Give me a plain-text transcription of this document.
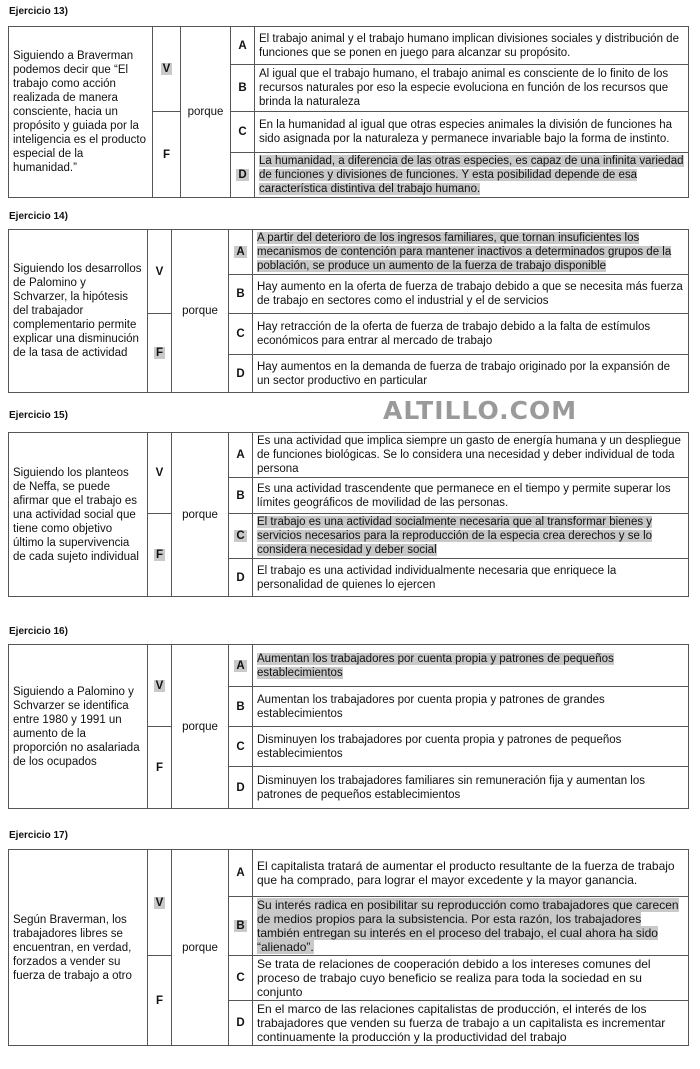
Ejercicio 13)
Siguiendo a Braverman podemos decir que “El trabajo como acción realizada de manera consciente, hacia un propósito y guiada por la inteligencia es el producto especial de la humanidad.”	V	porque	A	El trabajo animal y el trabajo humano implican divisiones sociales y distribución de funciones que se ponen en juego para alcanzar su propósito.
			B	Al igual que el trabajo humano, el trabajo animal es consciente de lo finito de los recursos naturales por eso la especie evoluciona en función de los recursos que brinda la naturaleza
	F		C	En la humanidad al igual que otras especies animales la división de funciones ha sido asignada por la naturaleza y permanece invariable bajo la forma de instinto.
			D	La humanidad, a diferencia de las otras especies, es capaz de una infinita variedad de funciones y divisiones de funciones. Y esta posibilidad depende de esa característica distintiva del trabajo humano.
Ejercicio 14)
Siguiendo los desarrollos de Palomino y Schvarzer, la hipótesis del trabajador complementario permite explicar una disminución de la tasa de actividad	V	porque	A	A partir del deterioro de los ingresos familiares, que tornan insuficientes los mecanismos de contención para mantener inactivos a determinados grupos de la población, se produce un aumento de la fuerza de trabajo disponible
			B	Hay aumento en la oferta de fuerza de trabajo debido a que se necesita más fuerza de trabajo en sectores como el industrial y el de servicios
	F		C	Hay retracción de la oferta de fuerza de trabajo debido a la falta de estímulos económicos para entrar al mercado de trabajo
			D	Hay aumentos en la demanda de fuerza de trabajo originado por la expansión de un sector productivo en particular
Ejercicio 15)
Siguiendo los planteos de Neffa, se puede afirmar que el trabajo es una actividad social que tiene como objetivo último la supervivencia de cada sujeto individual	V	porque	A	Es una actividad que implica siempre un gasto de energía humana y un despliegue de funciones biológicas. Se lo considera una necesidad y deber individual de toda persona
			B	Es una actividad trascendente que permanece en el tiempo y permite superar los límites geográficos de movilidad de las personas.
	F		C	El trabajo es una actividad socialmente necesaria que al transformar bienes y servicios necesarios para la reproducción de la especia crea derechos y se lo considera necesidad y deber social
			D	El trabajo es una actividad individualmente necesaria que enriquece la personalidad de quienes lo ejercen
Ejercicio 16)
Siguiendo a Palomino y Schvarzer se identifica entre 1980 y 1991 un aumento de la proporción no asalariada de los ocupados	V	porque	A	Aumentan los trabajadores por cuenta propia y patrones de pequeños establecimientos
			B	Aumentan los trabajadores por cuenta propia y patrones de grandes establecimientos
	F		C	Disminuyen los trabajadores por cuenta propia y patrones de pequeños establecimientos
			D	Disminuyen los trabajadores familiares sin remuneración fija y aumentan los patrones de pequeños establecimientos
Ejercicio 17)
Según Braverman, los trabajadores libres se encuentran, en verdad, forzados a vender su fuerza de trabajo a otro	V	porque	A	El capitalista tratará de aumentar el producto resultante de la fuerza de trabajo que ha comprado, para lograr el mayor excedente y la mayor ganancia.
			B	Su interés radica en posibilitar su reproducción como trabajadores que carecen de medios propios para la subsistencia. Por esta razón, los trabajadores también entregan su interés en el proceso del trabajo, el cual ahora ha sido “alienado”.
	F		C	Se trata de relaciones de cooperación debido a los intereses comunes del proceso de trabajo cuyo beneficio se realiza para toda la sociedad en su conjunto
			D	En el marco de las relaciones capitalistas de producción, el interés de los trabajadores que venden su fuerza de trabajo a un capitalista es incrementar continuamente la producción y la productividad del trabajo
ALTILLO.COM
